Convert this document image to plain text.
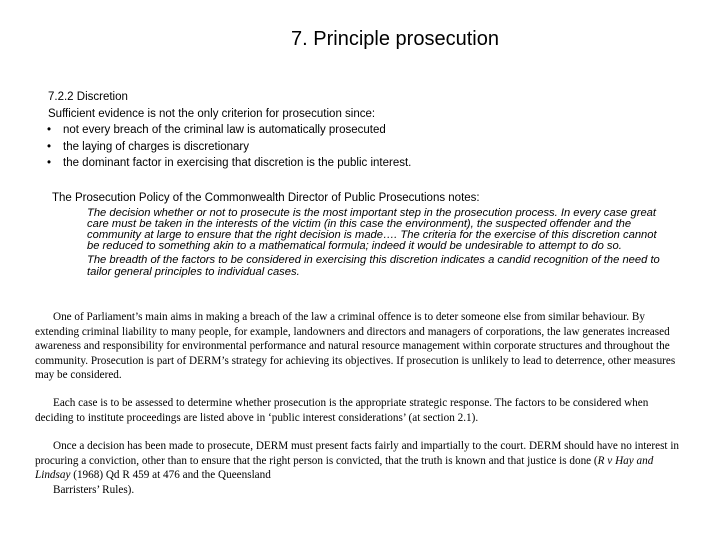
7. Principle prosecution
7.2.2 Discretion
Sufficient evidence is not the only criterion for prosecution since:
•	not every breach of the criminal law is automatically prosecuted
•	the laying of charges is discretionary
•	the dominant factor in exercising that discretion is the public interest.
The Prosecution Policy of the Commonwealth Director of Public Prosecutions notes:

The decision whether or not to prosecute is the most important step in the prosecution process. In every case great care must be taken in the interests of the victim (in this case the environment), the suspected offender and the community at large to ensure that the right decision is made…. The criteria for the exercise of this discretion cannot be reduced to something akin to a mathematical formula; indeed it would be undesirable to attempt to do so.

The breadth of the factors to be considered in exercising this discretion indicates a candid recognition of the need to tailor general principles to individual cases.

One of Parliament’s main aims in making a breach of the law a criminal offence is to deter someone else from similar behaviour. By extending criminal liability to many people, for example, landowners and directors and managers of corporations, the law generates increased awareness and responsibility for environmental performance and natural resource management within corporate structures and throughout the community. Prosecution is part of DERM’s strategy for achieving its objectives. If prosecution is unlikely to lead to deterrence, other measures may be considered.

Each case is to be assessed to determine whether prosecution is the appropriate strategic response. The factors to be considered when deciding to institute proceedings are listed above in ‘public interest considerations’ (at section 2.1).

Once a decision has been made to prosecute, DERM must present facts fairly and impartially to the court. DERM should have no interest in procuring a conviction, other than to ensure that the right person is convicted, that the truth is known and that justice is done (R v Hay and Lindsay (1968) Qd R 459 at 476 and the Queensland
Barristers’ Rules).
